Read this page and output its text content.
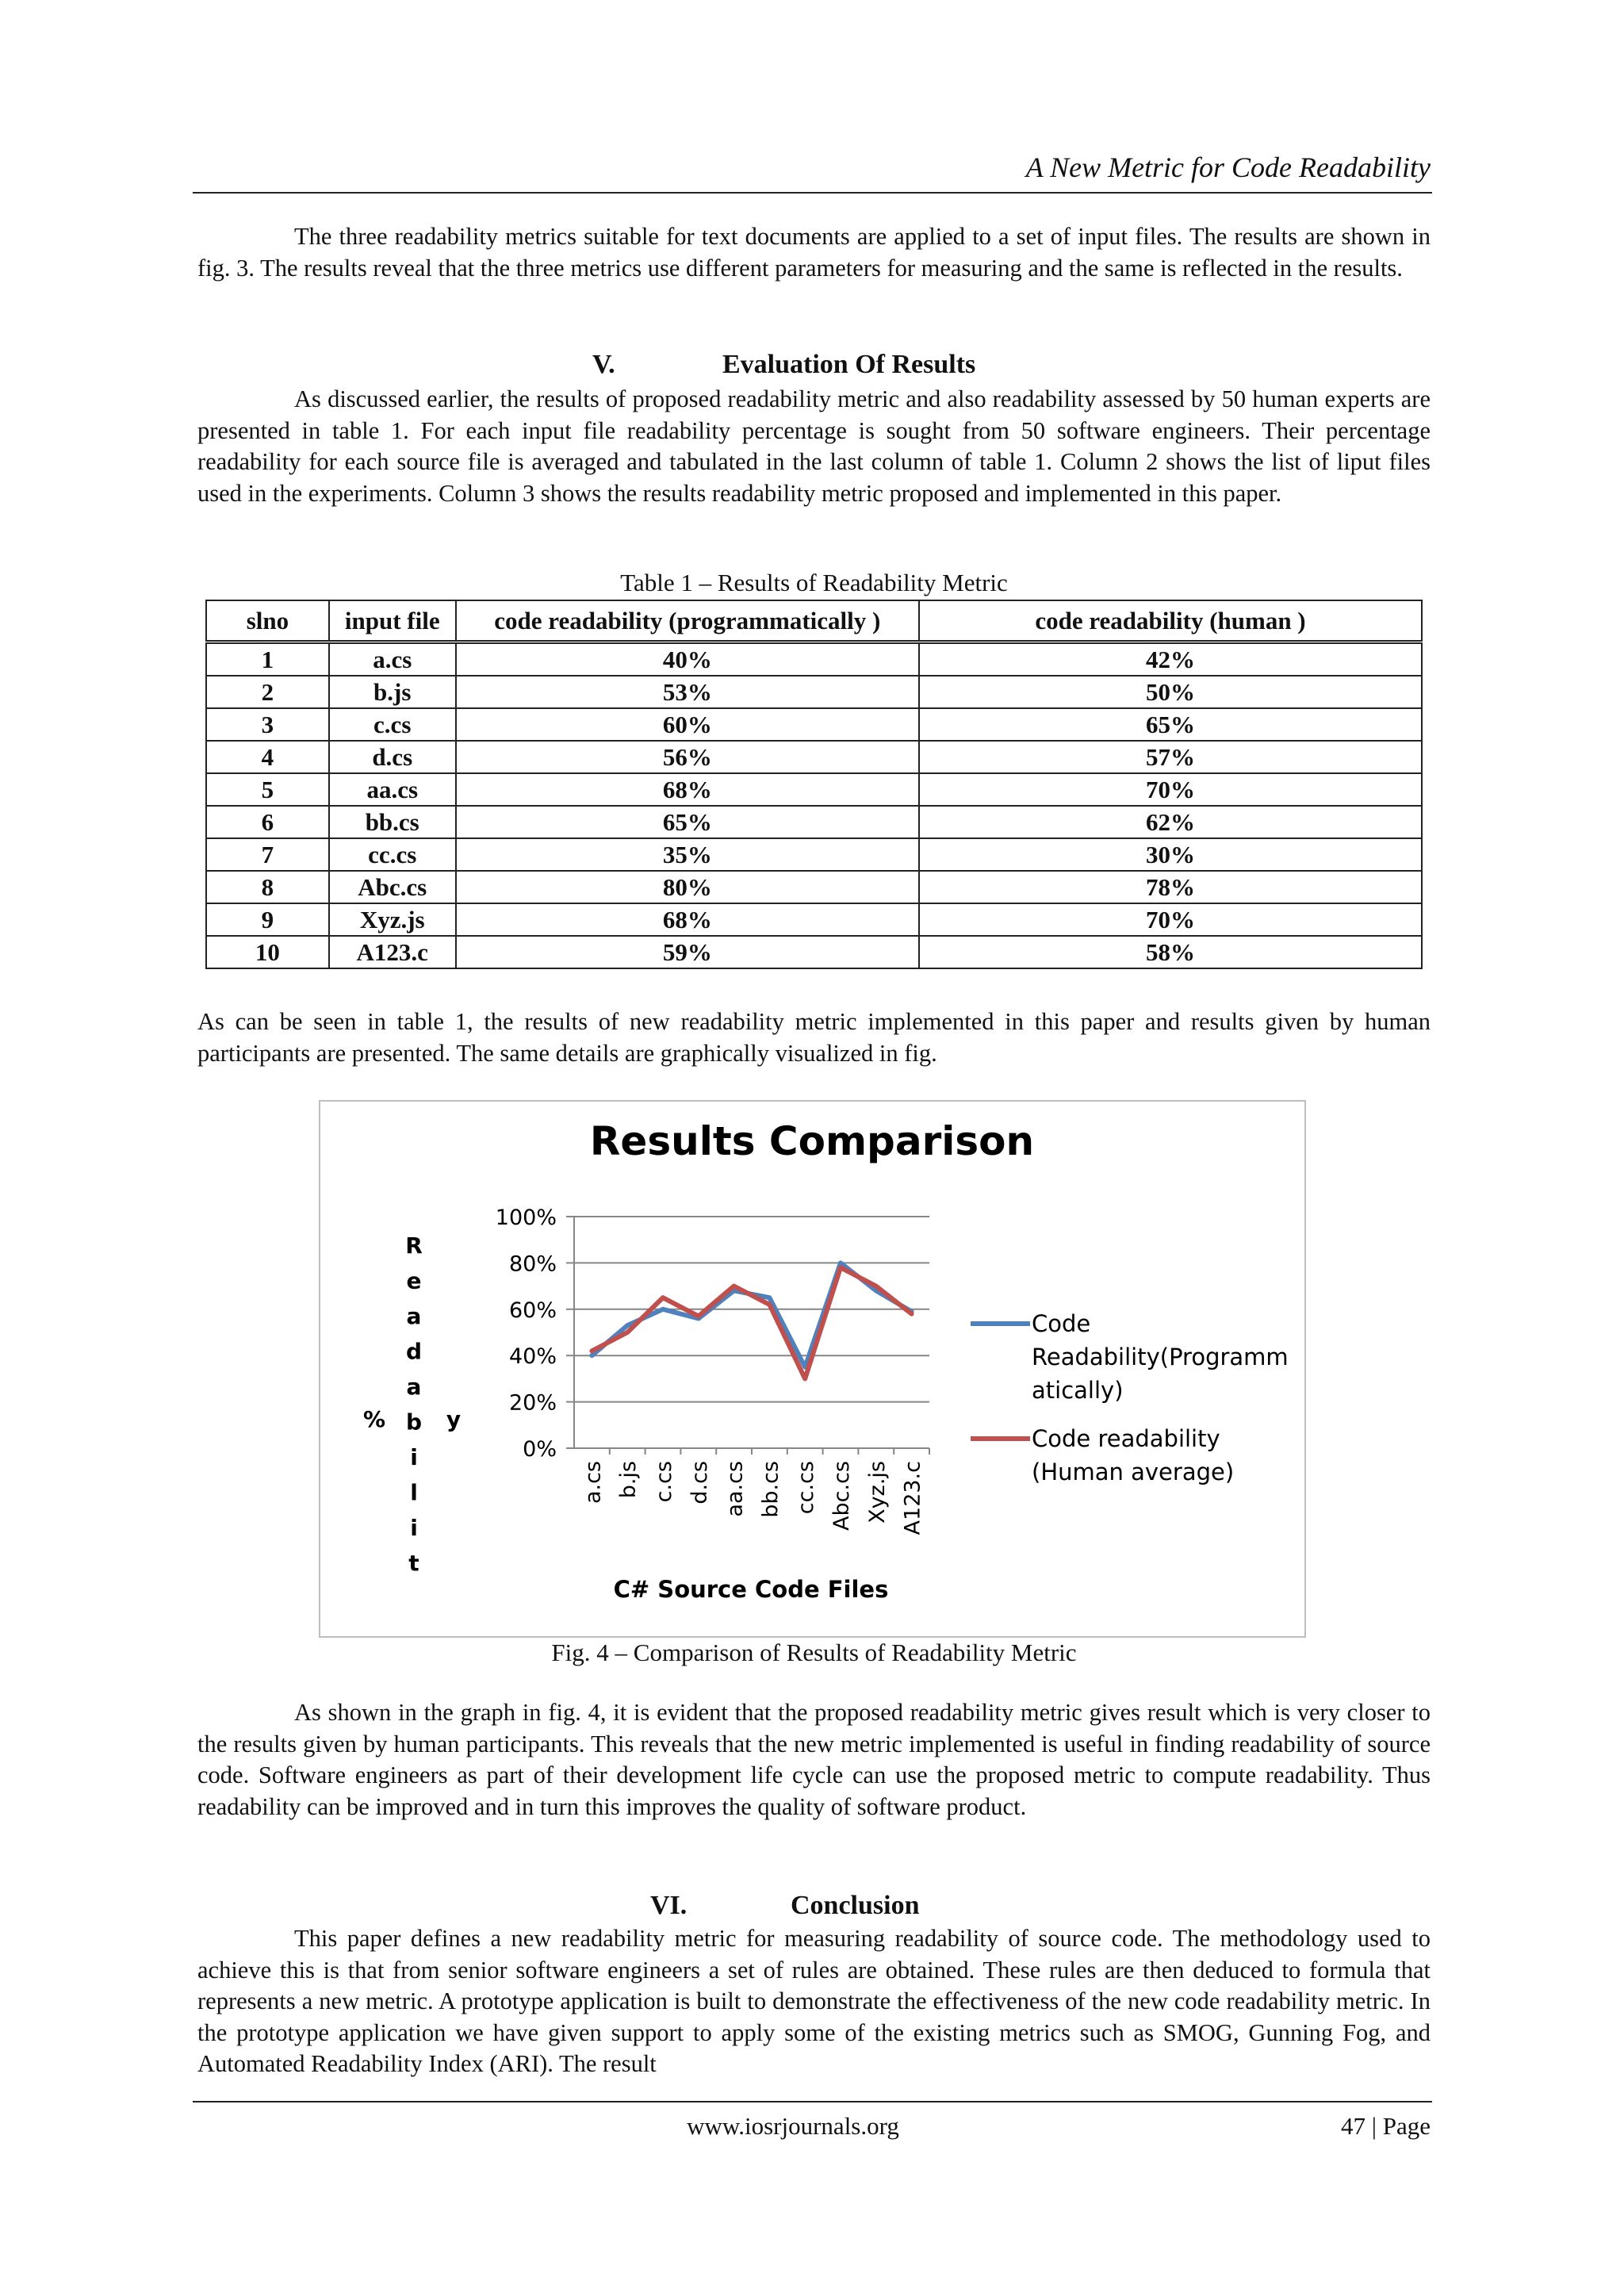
A New Metric for Code Readability

The three readability metrics suitable for text documents are applied to a set of input files. The results are shown in fig. 3. The results reveal that the three metrics use different parameters for measuring and the same is reflected in the results.

V.	Evaluation Of Results

As discussed earlier, the results of proposed readability metric and also readability assessed by 50 human experts are presented in table 1. For each input file readability percentage is sought from 50 software engineers. Their percentage readability for each source file is averaged and tabulated in the last column of table 1. Column 2 shows the list of liput files used in the experiments. Column 3 shows the results readability metric proposed and implemented in this paper.

Table 1 – Results of Readability Metric
slno	input file	code readability (programmatically )	code readability (human )
1	a.cs	40%	42%
2	b.js	53%	50%
3	c.cs	60%	65%
4	d.cs	56%	57%
5	aa.cs	68%	70%
6	bb.cs	65%	62%
7	cc.cs	35%	30%
8	Abc.cs	80%	78%
9	Xyz.js	68%	70%
10	A123.c	59%	58%

As can be seen in table 1, the results of new readability metric implemented in this paper and results given by human participants are presented. The same details are graphically visualized in fig.

Results Comparison
0%
20%
40%
60%
80%
100%
a.cs b.js c.cs d.cs aa.cs bb.cs cc.cs Abc.cs Xyz.js A123.c
C# Source Code Files
R
e
a
d
a
b
i
l
i
t
%	y
Code
Readability(Programm
atically)
Code readability
(Human average)
Fig. 4 – Comparison of Results of Readability Metric

As shown in the graph in fig. 4, it is evident that the proposed readability metric gives result which is very closer to the results given by human participants. This reveals that the new metric implemented is useful in finding readability of source code. Software engineers as part of their development life cycle can use the proposed metric to compute readability. Thus readability can be improved and in turn this improves the quality of software product.

VI.	Conclusion

This paper defines a new readability metric for measuring readability of source code. The methodology used to achieve this is that from senior software engineers a set of rules are obtained. These rules are then deduced to formula that represents a new metric. A prototype application is built to demonstrate the effectiveness of the new code readability metric. In the prototype application we have given support to apply some of the existing metrics such as SMOG, Gunning Fog, and Automated Readability Index (ARI). The result

www.iosrjournals.org	47 | Page
